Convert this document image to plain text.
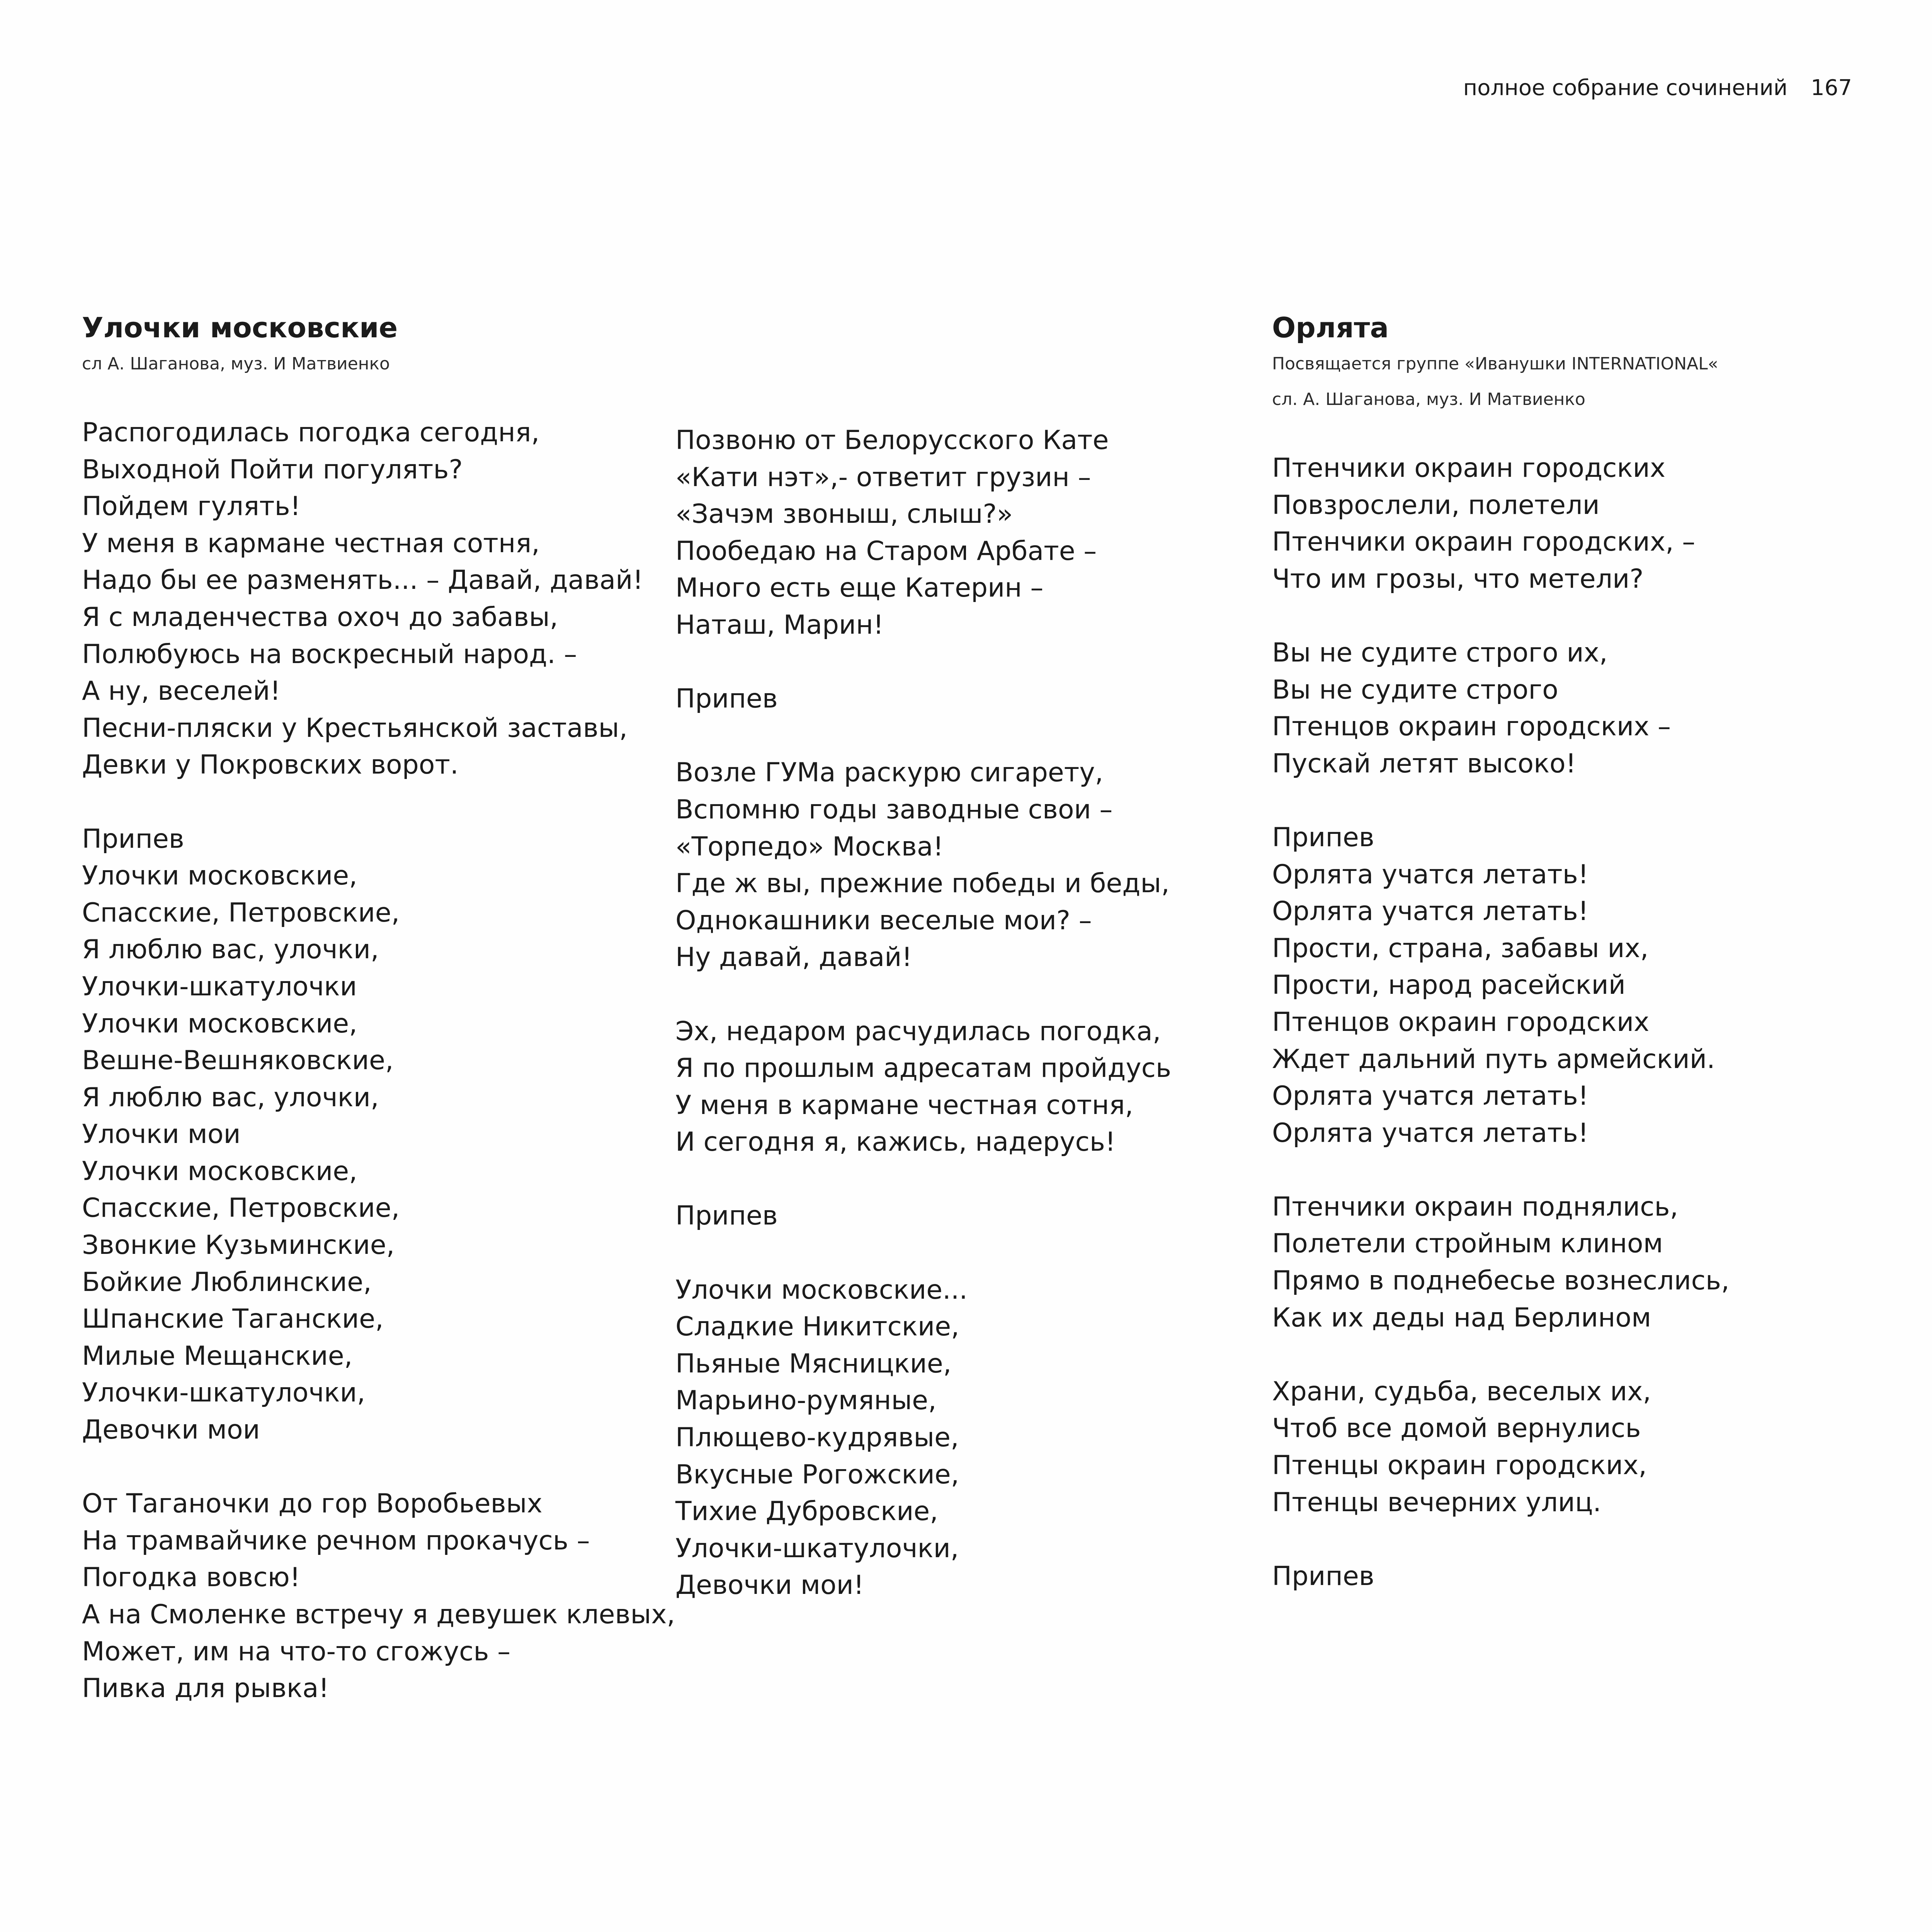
полное собрание сочинений 167
Улочки московские
сл А. Шаганова, муз. И Матвиенко
Распогодилась погодка сегодня,
Выходной Пойти погулять?
Пойдем гулять!
У меня в кармане честная сотня,
Надо бы ее разменять... – Давай, давай!
Я с младенчества охоч до забавы,
Полюбуюсь на воскресный народ. –
А ну, веселей!
Песни-пляски у Крестьянской заставы,
Девки у Покровских ворот.
Припев
Улочки московские,
Спасские, Петровские,
Я люблю вас, улочки,
Улочки-шкатулочки
Улочки московские,
Вешне-Вешняковские,
Я люблю вас, улочки,
Улочки мои
Улочки московские,
Спасские, Петровские,
Звонкие Кузьминские,
Бойкие Люблинские,
Шпанские Таганские,
Милые Мещанские,
Улочки-шкатулочки,
Девочки мои
От Таганочки до гор Воробьевых
На трамвайчике речном прокачусь –
Погодка вовсю!
А на Смоленке встречу я девушек клевых,
Может, им на что-то сгожусь –
Пивка для рывка!
Позвоню от Белорусского Кате
«Кати нэт»,- ответит грузин –
«Зачэм звоныш, слыш?»
Пообедаю на Старом Арбате –
Много есть еще Катерин –
Наташ, Марин!
Припев
Возле ГУМа раскурю сигарету,
Вспомню годы заводные свои –
«Торпедо» Москва!
Где ж вы, прежние победы и беды,
Однокашники веселые мои? –
Ну давай, давай!
Эх, недаром расчудилась погодка,
Я по прошлым адресатам пройдусь
У меня в кармане честная сотня,
И сегодня я, кажись, надерусь!
Припев
Улочки московские...
Сладкие Никитские,
Пьяные Мясницкие,
Марьино-румяные,
Плющево-кудрявые,
Вкусные Рогожские,
Тихие Дубровские,
Улочки-шкатулочки,
Девочки мои!
Орлята
Посвящается группе «Иванушки INTERNATIONAL«
сл. А. Шаганова, муз. И Матвиенко
Птенчики окраин городских
Повзрослели, полетели
Птенчики окраин городских, –
Что им грозы, что метели?
Вы не судите строго их,
Вы не судите строго
Птенцов окраин городских –
Пускай летят высоко!
Припев
Орлята учатся летать!
Орлята учатся летать!
Прости, страна, забавы их,
Прости, народ расейский
Птенцов окраин городских
Ждет дальний путь армейский.
Орлята учатся летать!
Орлята учатся летать!
Птенчики окраин поднялись,
Полетели стройным клином
Прямо в поднебесье вознеслись,
Как их деды над Берлином
Храни, судьба, веселых их,
Чтоб все домой вернулись
Птенцы окраин городских,
Птенцы вечерних улиц.
Припев
